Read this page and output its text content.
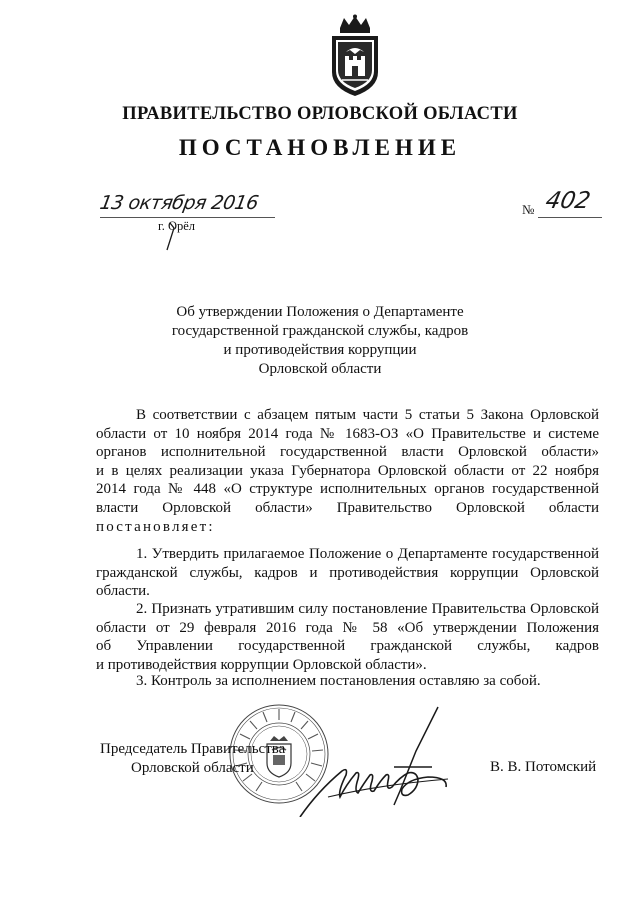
ПРАВИТЕЛЬСТВО ОРЛОВСКОЙ ОБЛАСТИ
ПОСТАНОВЛЕНИЕ
13 октября 2016
г. Орёл
№ 402
Об утверждении Положения о Департаменте
государственной гражданской службы, кадров
и противодействия коррупции
Орловской области
В соответствии с абзацем пятым части 5 статьи 5 Закона Орловской
области от 10 ноября 2014 года № 1683-ОЗ «О Правительстве и системе
органов исполнительной государственной власти Орловской области»
и в целях реализации указа Губернатора Орловской области от 22 ноября
2014 года № 448 «О структуре исполнительных органов государственной
власти Орловской области» Правительство Орловской области
постановляет:
1. Утвердить прилагаемое Положение о Департаменте государственной
гражданской службы, кадров и противодействия коррупции Орловской
области.
2. Признать утратившим силу постановление Правительства Орловской
области от 29 февраля 2016 года № 58 «Об утверждении Положения
об Управлении государственной гражданской службы, кадров
и противодействия коррупции Орловской области».
3. Контроль за исполнением постановления оставляю за собой.
Председатель Правительства
Орловской области	В. В. Потомский
